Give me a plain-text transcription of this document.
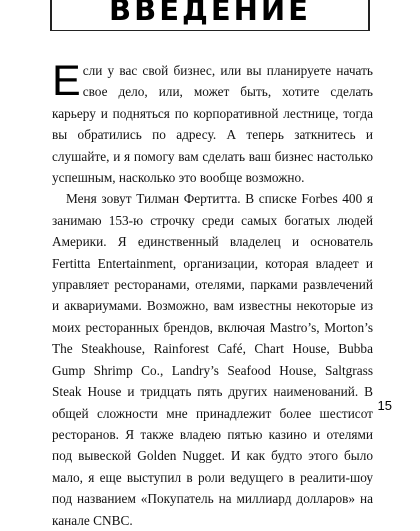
ВВЕДЕНИЕ

Если у вас свой бизнес, или вы планируете начать свое дело, или, может быть, хотите сделать карьеру и подняться по корпоративной лестнице, тогда вы обратились по адресу. А теперь заткнитесь и слушайте, и я помогу вам сделать ваш бизнес настолько успешным, насколько это вообще возможно.

Меня зовут Тилман Фертитта. В списке Forbes 400 я занимаю 153-ю строчку среди самых богатых людей Америки. Я единственный владелец и основатель Fertitta Entertainment, организации, которая владеет и управляет ресторанами, отелями, парками развлечений и аквариумами. Возможно, вам известны некоторые из моих ресторанных брендов, включая Mastro’s, Morton’s The Steakhouse, Rainforest Café, Chart House, Bubba Gump Shrimp Co., Landry’s Seafood House, Saltgrass Steak House и тридцать пять других наименований. В общей сложности мне принадлежит более шестисот ресторанов. Я также владею пятью казино и отелями под вывеской Golden Nugget. И как будто этого было мало, я еще выступил в роли ведущего в реалити-шоу под названием «Покупатель на миллиард долларов» на канале CNBC.

15
